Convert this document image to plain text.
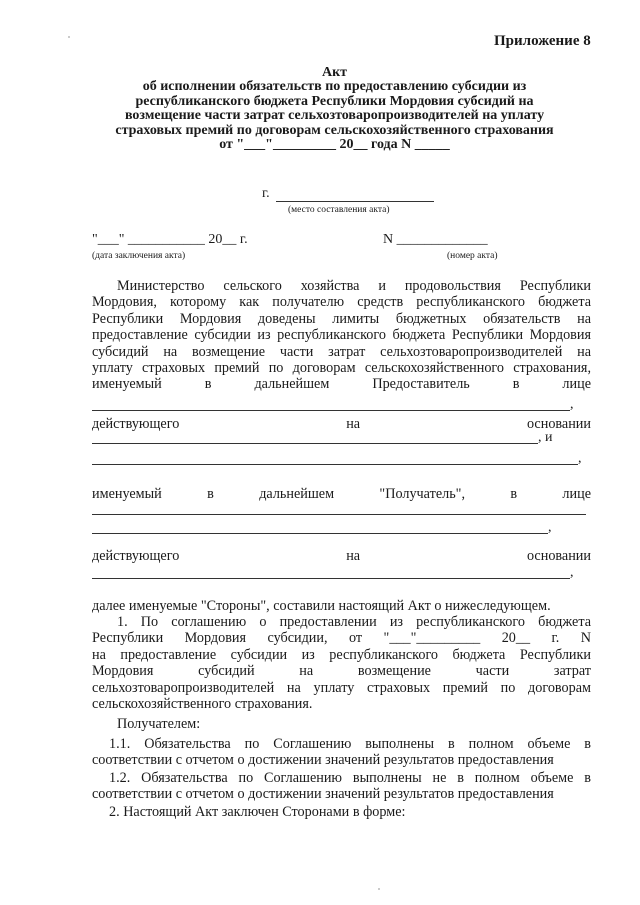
Приложение 8
Акт
об исполнении обязательств по предоставлению субсидии из
республиканского бюджета Республики Мордовия субсидий на
возмещение части затрат сельхозтоваропроизводителей на уплату
страховых премий по договорам сельскохозяйственного страхования
от "___"_________ 20__ года N _____
г.
(место составления акта)
"___" ___________ 20__ г.
(дата заключения акта)
N _____________
(номер акта)
Министерство сельского хозяйства и продовольствия Республики
Мордовия, которому как получателю средств республиканского бюджета
Республики Мордовия доведены лимиты бюджетных обязательств на
предоставление субсидии из республиканского бюджета Республики Мордовия
субсидий на возмещение части затрат сельхозтоваропроизводителей на
уплату страховых премий по договорам сельскохозяйственного страхования,
именуемый в дальнейшем Предоставитель в лице
,
действующего на основании
, и
,
именуемый в дальнейшем "Получатель", в лице
,
действующего на основании
,
далее именуемые "Стороны", составили настоящий Акт о нижеследующем.
1. По соглашению о предоставлении из республиканского бюджета
Республики Мордовия субсидии, от "___"_________ 20__ г. N
на предоставление субсидии из республиканского бюджета Республики
Мордовия субсидий на возмещение части затрат
сельхозтоваропроизводителей на уплату страховых премий по договорам
сельскохозяйственного страхования.
Получателем:
1.1. Обязательства по Соглашению выполнены в полном объеме в
соответствии с отчетом о достижении значений результатов предоставления
1.2. Обязательства по Соглашению выполнены не в полном объеме в
соответствии с отчетом о достижении значений результатов предоставления
2. Настоящий Акт заключен Сторонами в форме:
